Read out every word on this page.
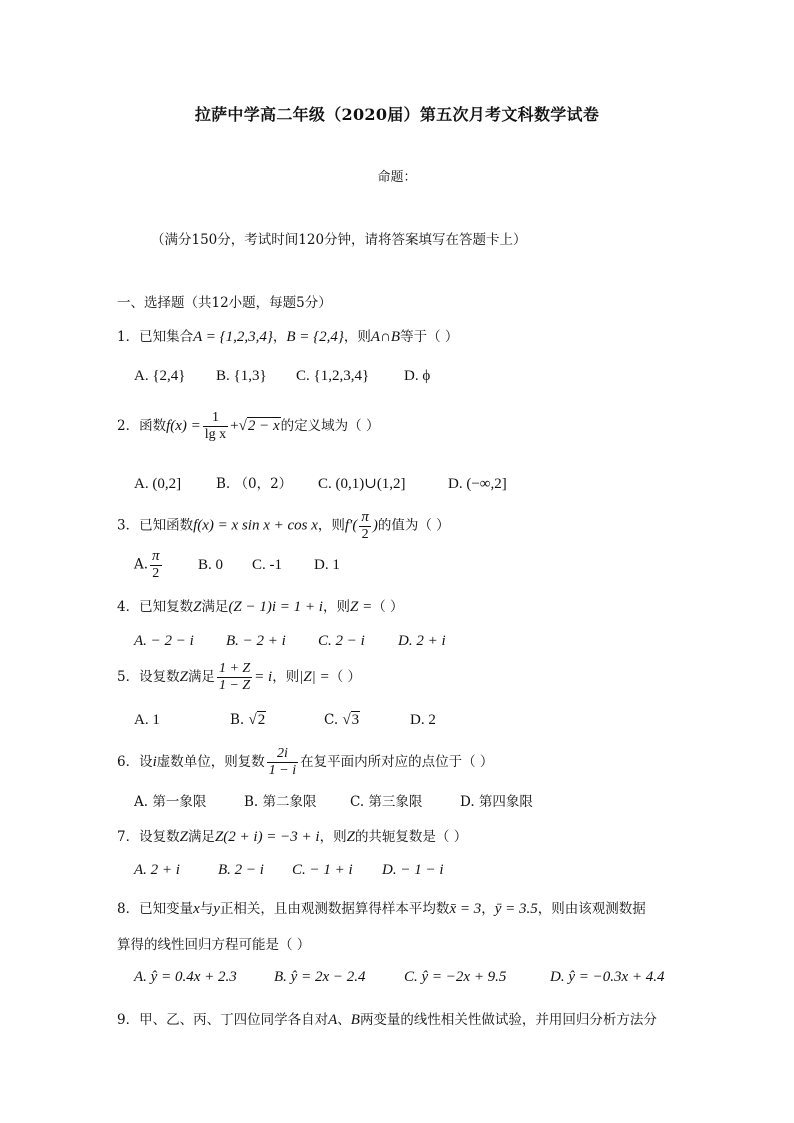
拉萨中学高二年级（2020届）第五次月考文科数学试卷
命题：
（满分150分，考试时间120分钟，请将答案填写在答题卡上）
一、选择题（共12小题，每题5分）
1．已知集合A = {1,2,3,4}，B = {2,4}，则A∩B等于（ ）
A. {2,4} B. {1,3} C. {1,2,3,4} D. ϕ
2．函数$f(x) = \frac{1}{\text{lg x}} +√2 - x$的定义域为（ ）
A. (0,2]	B. （0，2） C. (0,1)∪(1,2]	D. (−∞,2]
3．已知函数f(x) = x sin x + cos x，则$f'( \frac{\pi}{2}$ )的值为（ ）
A. $\frac{\pi}{2} B$. 0 C. -1 D. 1
4．已知复数Z满足(Z − 1)i = 1 + i，则Z =（ ）
A. − 2 − i B. − 2 + i C. 2 − i D. 2 + i
5．设复数Z满足 $\frac{1 + Z}{1 - Z} = i$，则|Z| =（ ）
A. 1	B. √2	C. √3	D. 2
6．设i虚数单位，则复数 $\frac{2i}{1 - i}$ 在复平面内所对应的点位于（ ）
A. 第一象限	B. 第二象限 C. 第三象限	D. 第四象限
7．设复数Z满足Z(2 + i) = −3 + i，则Z的共轭复数是（ ）
A. 2 + i	B. 2 − i C. − 1 + i D. − 1 − i
8．已知变量x与y正相关，且由观测数据算得样本平均数x̄ = 3，ȳ = 3.5，则由该观测数据
算得的线性回归方程可能是（ ）
A. ŷ = 0.4x + 2.3 B. ŷ = 2x − 2.4	C. ŷ = −2x + 9.5	D. ŷ = −0.3x + 4.4
9．甲、乙、丙、丁四位同学各自对A、B两变量的线性相关性做试验，并用回归分析方法分
